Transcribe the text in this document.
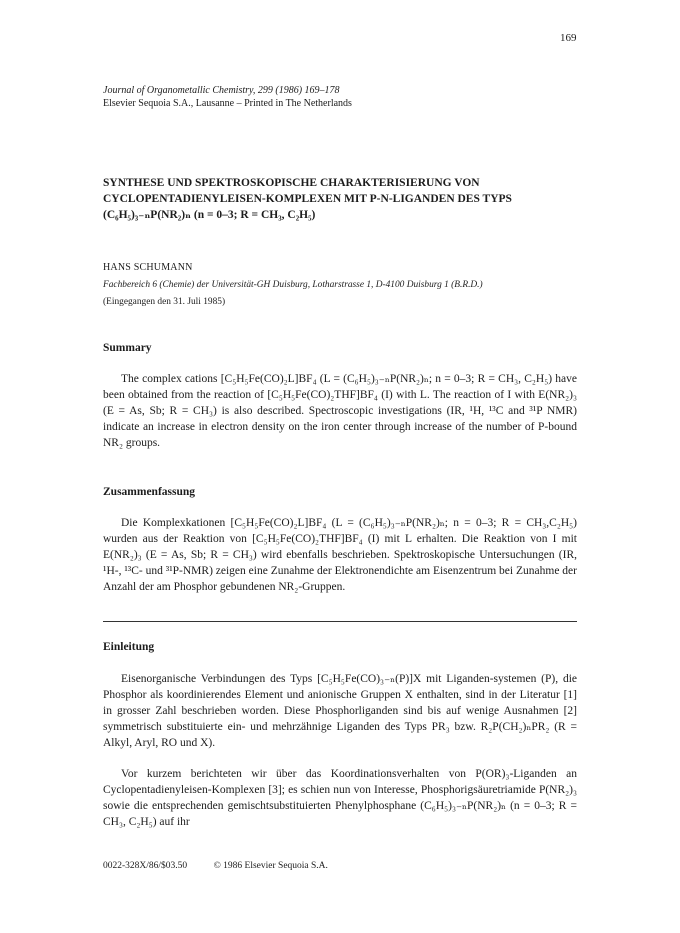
169
Journal of Organometallic Chemistry, 299 (1986) 169–178
Elsevier Sequoia S.A., Lausanne – Printed in The Netherlands
SYNTHESE UND SPEKTROSKOPISCHE CHARAKTERISIERUNG VON CYCLOPENTADIENYLEISEN-KOMPLEXEN MIT P-N-LIGANDEN DES TYPS (C₆H₅)₃₋ₙP(NR₂)ₙ (n = 0–3; R = CH₃, C₂H₅)
HANS SCHUMANN
Fachbereich 6 (Chemie) der Universität-GH Duisburg, Lotharstrasse 1, D-4100 Duisburg 1 (B.R.D.)
(Eingegangen den 31. Juli 1985)
Summary

The complex cations [C₅H₅Fe(CO)₂L]BF₄ (L = (C₆H₅)₃₋ₙP(NR₂)ₙ; n = 0–3; R = CH₃, C₂H₅) have been obtained from the reaction of [C₅H₅Fe(CO)₂THF]BF₄ (I) with L. The reaction of I with E(NR₂)₃ (E = As, Sb; R = CH₃) is also described. Spectroscopic investigations (IR, ¹H, ¹³C and ³¹P NMR) indicate an increase in electron density on the iron center through increase of the number of P-bound NR₂ groups.

Zusammenfassung

Die Komplexkationen [C₅H₅Fe(CO)₂L]BF₄ (L = (C₆H₅)₃₋ₙP(NR₂)ₙ; n = 0–3; R = CH₃,C₂H₅) wurden aus der Reaktion von [C₅H₅Fe(CO)₂THF]BF₄ (I) mit L erhalten. Die Reaktion von I mit E(NR₂)₃ (E = As, Sb; R = CH₃) wird ebenfalls beschrieben. Spektroskopische Untersuchungen (IR, ¹H-, ¹³C- und ³¹P-NMR) zeigen eine Zunahme der Elektronendichte am Eisenzentrum bei Zunahme der Anzahl der am Phosphor gebundenen NR₂-Gruppen.

Einleitung

Eisenorganische Verbindungen des Typs [C₅H₅Fe(CO)₃₋ₙ(P)]X mit Liganden-systemen (P), die Phosphor als koordinierendes Element und anionische Gruppen X enthalten, sind in der Literatur [1] in grosser Zahl beschrieben worden. Diese Phosphorliganden sind bis auf wenige Ausnahmen [2] symmetrisch substituierte ein- und mehrzähnige Liganden des Typs PR₃ bzw. R₂P(CH₂)ₙPR₂ (R = Alkyl, Aryl, RO und X).

Vor kurzem berichteten wir über das Koordinationsverhalten von P(OR)₃-Liganden an Cyclopentadienyleisen-Komplexen [3]; es schien nun von Interesse, Phosphorigsäuretriamide P(NR₂)₃ sowie die entsprechenden gemischtsubstituierten Phenylphosphane (C₆H₅)₃₋ₙP(NR₂)ₙ (n = 0–3; R = CH₃, C₂H₅) auf ihr

0022-328X/86/$03.50	© 1986 Elsevier Sequoia S.A.
